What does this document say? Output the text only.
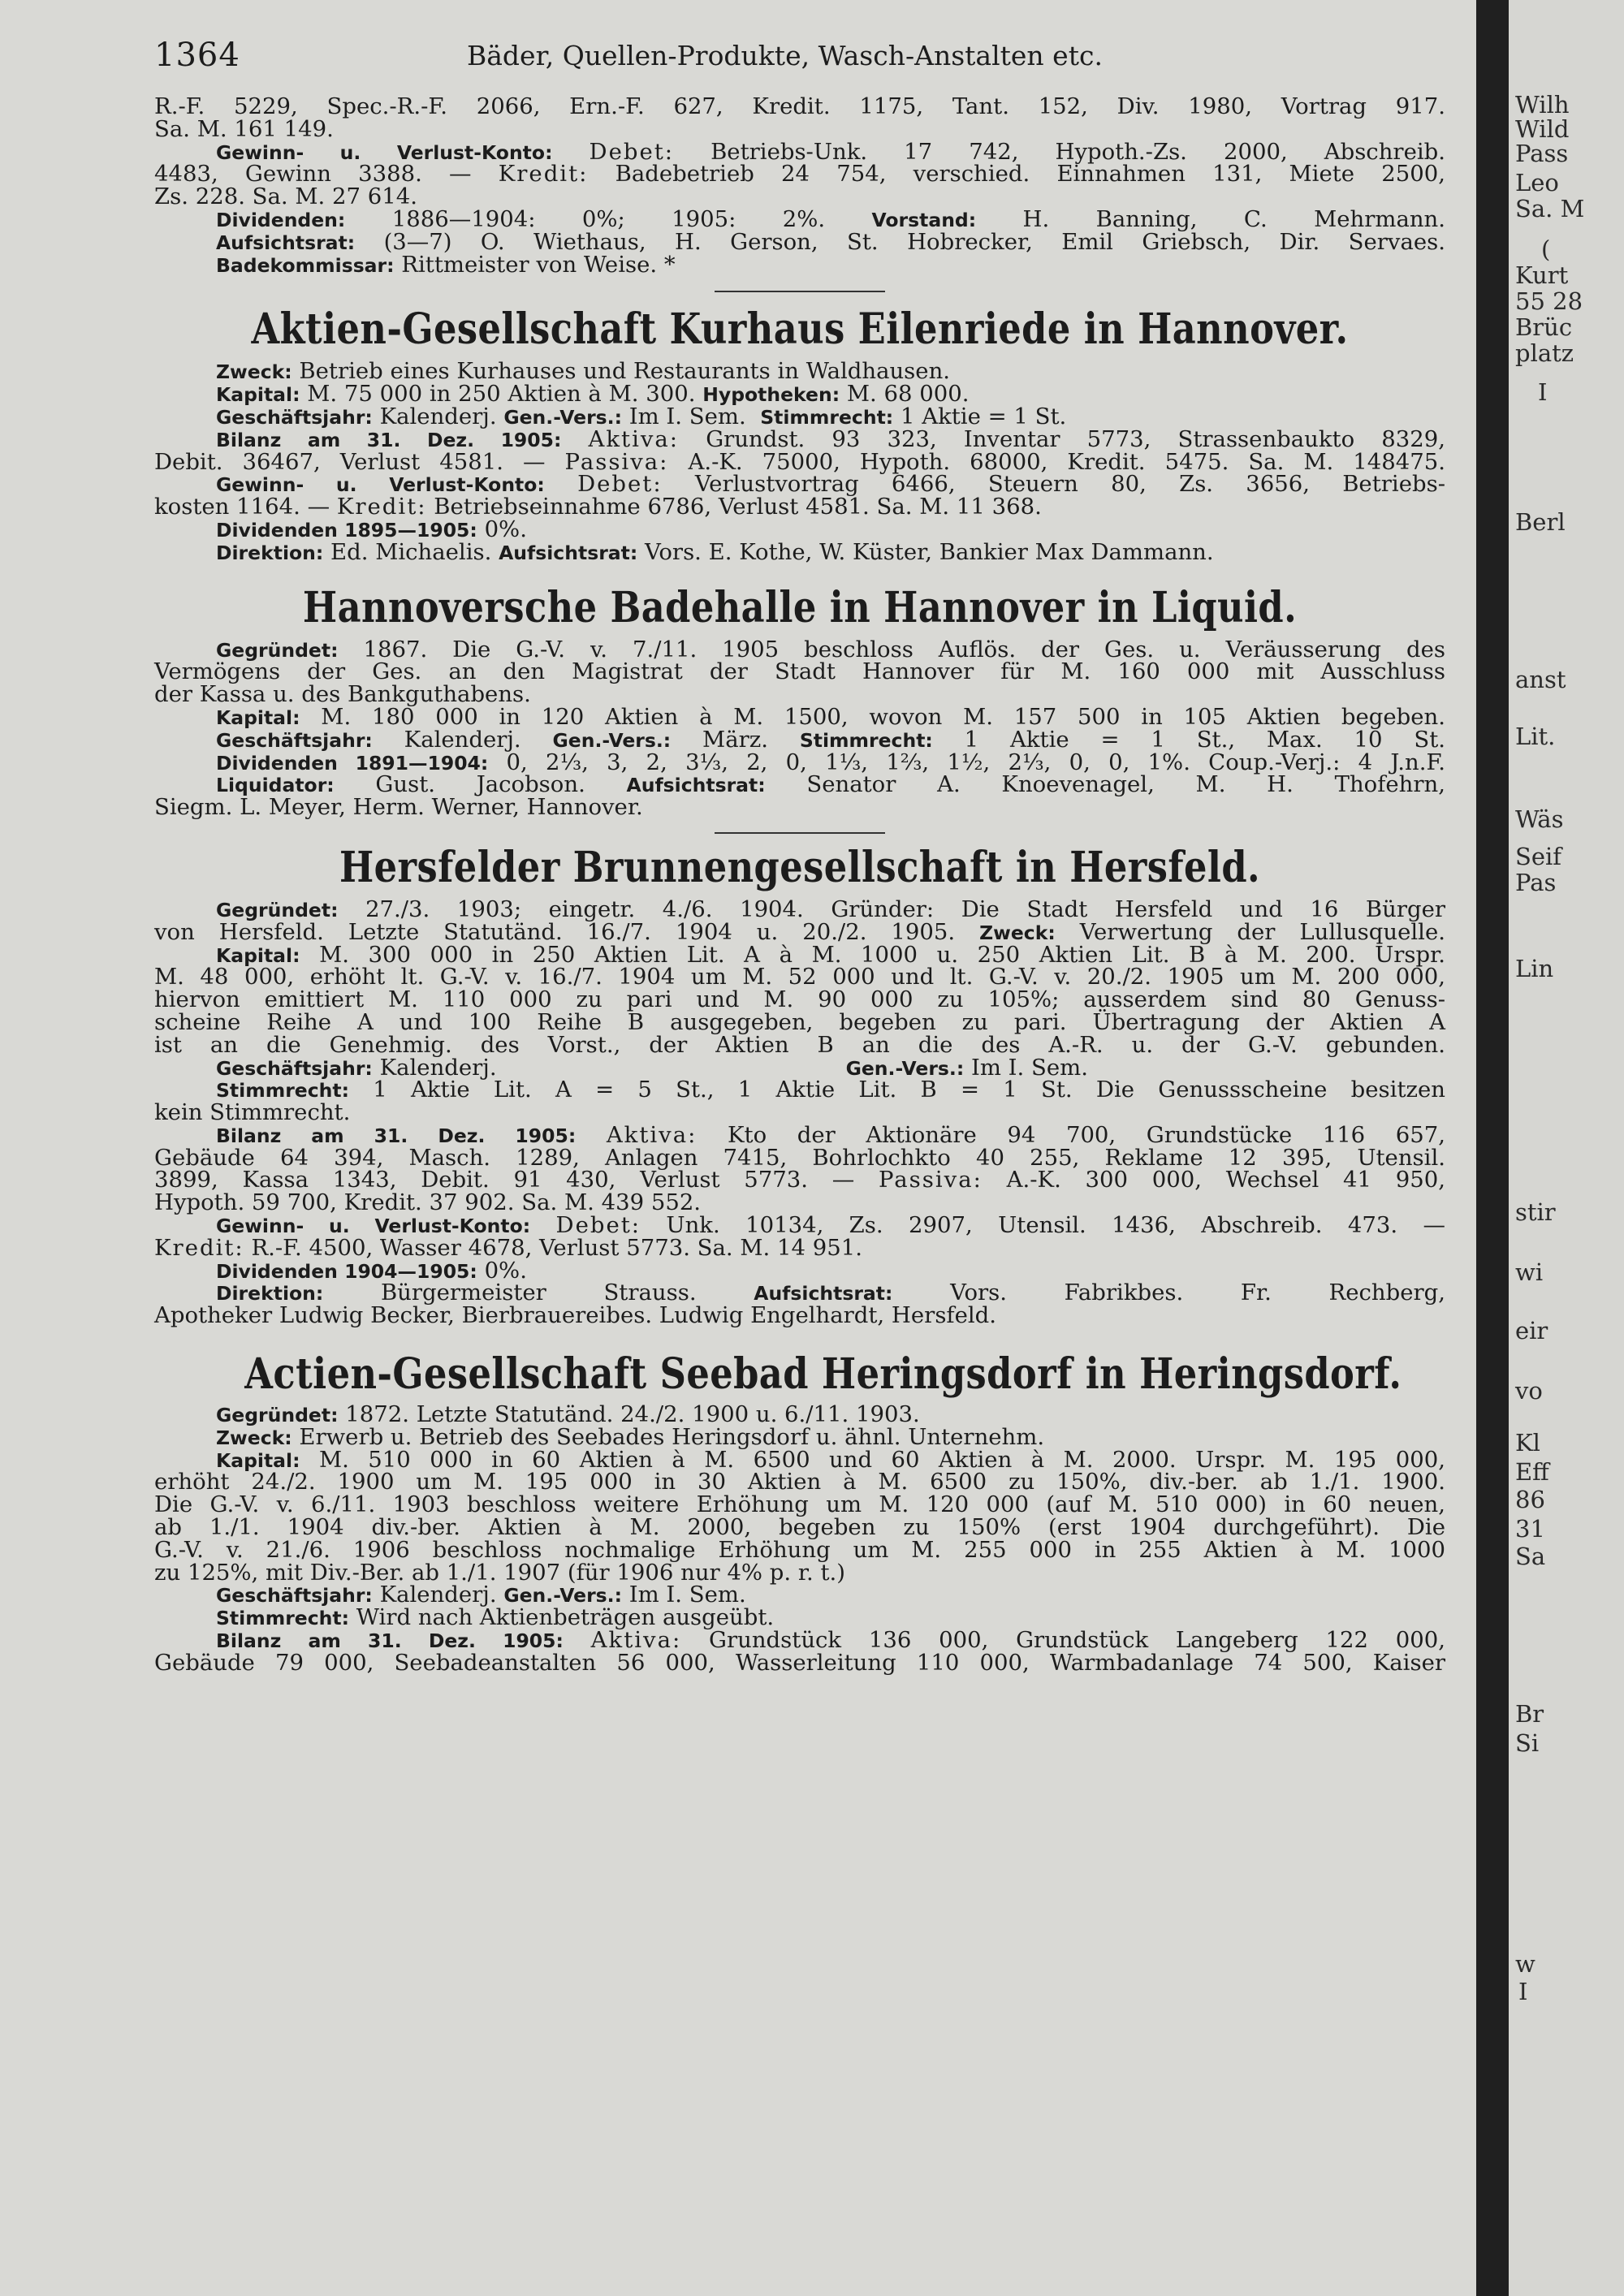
1364	Bäder, Quellen-Produkte, Wasch-Anstalten etc.
R.-F. 5229, Spec.-R.-F. 2066, Ern.-F. 627, Kredit. 1175, Tant. 152, Div. 1980, Vortrag 917.
Sa. M. 161 149.
Gewinn- u. Verlust-Konto: Debet: Betriebs-Unk. 17 742, Hypoth.-Zs. 2000, Abschreib.
4483, Gewinn 3388. — Kredit: Badebetrieb 24 754, verschied. Einnahmen 131, Miete 2500,
Zs. 228. Sa. M. 27 614.
Dividenden: 1886—1904: 0%; 1905: 2%. Vorstand: H. Banning, C. Mehrmann.
Aufsichtsrat: (3—7) O. Wiethaus, H. Gerson, St. Hobrecker, Emil Griebsch, Dir. Servaes.
Badekommissar: Rittmeister von Weise. *
Aktien-Gesellschaft Kurhaus Eilenriede in Hannover.
Zweck: Betrieb eines Kurhauses und Restaurants in Waldhausen.
Kapital: M. 75 000 in 250 Aktien à M. 300. Hypotheken: M. 68 000.
Geschäftsjahr: Kalenderj. Gen.-Vers.: Im I. Sem. Stimmrecht: 1 Aktie = 1 St.
Bilanz am 31. Dez. 1905: Aktiva: Grundst. 93 323, Inventar 5773, Strassenbaukto 8329,
Debit. 36467, Verlust 4581. — Passiva: A.-K. 75000, Hypoth. 68000, Kredit. 5475. Sa. M. 148475.
Gewinn- u. Verlust-Konto: Debet: Verlustvortrag 6466, Steuern 80, Zs. 3656, Betriebs-
kosten 1164. — Kredit: Betriebseinnahme 6786, Verlust 4581. Sa. M. 11 368.
Dividenden 1895—1905: 0%.
Direktion: Ed. Michaelis. Aufsichtsrat: Vors. E. Kothe, W. Küster, Bankier Max Dammann.
Hannoversche Badehalle in Hannover in Liquid.
Gegründet: 1867. Die G.-V. v. 7./11. 1905 beschloss Auflös. der Ges. u. Veräusserung des
Vermögens der Ges. an den Magistrat der Stadt Hannover für M. 160 000 mit Ausschluss
der Kassa u. des Bankguthabens.
Kapital: M. 180 000 in 120 Aktien à M. 1500, wovon M. 157 500 in 105 Aktien begeben.
Geschäftsjahr: Kalenderj. Gen.-Vers.: März. Stimmrecht: 1 Aktie = 1 St., Max. 10 St.
Dividenden 1891—1904: 0, 2⅓, 3, 2, 3⅓, 2, 0, 1⅓, 1⅔, 1½, 2⅓, 0, 0, 1%. Coup.-Verj.: 4 J.n.F.
Liquidator: Gust. Jacobson. Aufsichtsrat: Senator A. Knoevenagel, M. H. Thofehrn,
Siegm. L. Meyer, Herm. Werner, Hannover.
Hersfelder Brunnengesellschaft in Hersfeld.
Gegründet: 27./3. 1903; eingetr. 4./6. 1904. Gründer: Die Stadt Hersfeld und 16 Bürger
von Hersfeld. Letzte Statutänd. 16./7. 1904 u. 20./2. 1905. Zweck: Verwertung der Lullusquelle.
Kapital: M. 300 000 in 250 Aktien Lit. A à M. 1000 u. 250 Aktien Lit. B à M. 200. Urspr.
M. 48 000, erhöht lt. G.-V. v. 16./7. 1904 um M. 52 000 und lt. G.-V. v. 20./2. 1905 um M. 200 000,
hiervon emittiert M. 110 000 zu pari und M. 90 000 zu 105%; ausserdem sind 80 Genuss-
scheine Reihe A und 100 Reihe B ausgegeben, begeben zu pari. Übertragung der Aktien A
ist an die Genehmig. des Vorst., der Aktien B an die des A.-R. u. der G.-V. gebunden.
Geschäftsjahr: Kalenderj.	Gen.-Vers.: Im I. Sem.
Stimmrecht: 1 Aktie Lit. A = 5 St., 1 Aktie Lit. B = 1 St. Die Genussscheine besitzen
kein Stimmrecht.
Bilanz am 31. Dez. 1905: Aktiva: Kto der Aktionäre 94 700, Grundstücke 116 657,
Gebäude 64 394, Masch. 1289, Anlagen 7415, Bohrlochkto 40 255, Reklame 12 395, Utensil.
3899, Kassa 1343, Debit. 91 430, Verlust 5773. — Passiva: A.-K. 300 000, Wechsel 41 950,
Hypoth. 59 700, Kredit. 37 902. Sa. M. 439 552.
Gewinn- u. Verlust-Konto: Debet: Unk. 10134, Zs. 2907, Utensil. 1436, Abschreib. 473. —
Kredit: R.-F. 4500, Wasser 4678, Verlust 5773. Sa. M. 14 951.
Dividenden 1904—1905: 0%.
Direktion:	Bürgermeister Strauss.	Aufsichtsrat:	Vors. Fabrikbes. Fr. Rechberg,
Apotheker Ludwig Becker, Bierbrauereibes. Ludwig Engelhardt, Hersfeld.
Actien-Gesellschaft Seebad Heringsdorf in Heringsdorf.
Gegründet: 1872. Letzte Statutänd. 24./2. 1900 u. 6./11. 1903.
Zweck: Erwerb u. Betrieb des Seebades Heringsdorf u. ähnl. Unternehm.
Kapital: M. 510 000 in 60 Aktien à M. 6500 und 60 Aktien à M. 2000. Urspr. M. 195 000,
erhöht 24./2. 1900 um M. 195 000 in 30 Aktien à M. 6500 zu 150%, div.-ber. ab 1./1. 1900.
Die G.-V. v. 6./11. 1903 beschloss weitere Erhöhung um M. 120 000 (auf M. 510 000) in 60 neuen,
ab 1./1. 1904 div.-ber. Aktien à M. 2000, begeben zu 150% (erst 1904 durchgeführt). Die
G.-V. v. 21./6. 1906 beschloss nochmalige Erhöhung um M. 255 000 in 255 Aktien à M. 1000
zu 125%, mit Div.-Ber. ab 1./1. 1907 (für 1906 nur 4% p. r. t.)
Geschäftsjahr: Kalenderj. Gen.-Vers.: Im I. Sem.
Stimmrecht: Wird nach Aktienbeträgen ausgeübt.
Bilanz am 31. Dez. 1905: Aktiva: Grundstück 136 000, Grundstück Langeberg 122 000,
Gebäude 79 000, Seebadeanstalten 56 000, Wasserleitung 110 000, Warmbadanlage 74 500, Kaiser
Wilh
Wild
Pass
Leo
Sa. M
(
Kurt
55 28
Brüc
platz
I
Berl
anst
Lit.
Wäs
Seif
Pas
Lin
stir
wi
eir
vo
Kl
Eff
86
31
Sa
Br
Si
w
I
